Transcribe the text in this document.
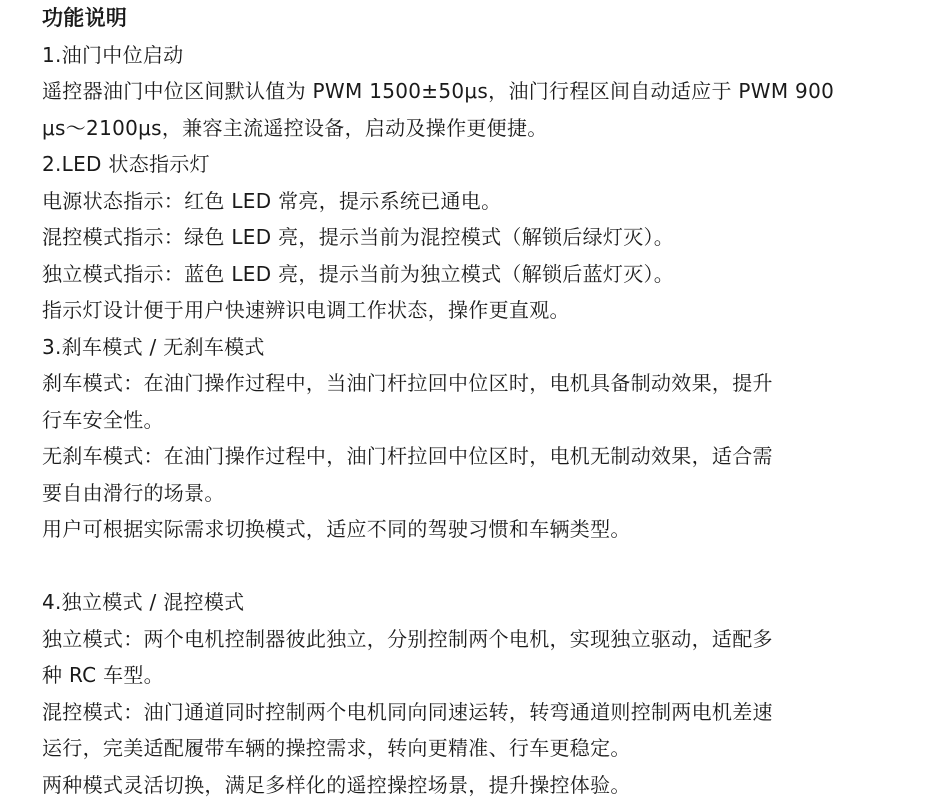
功能说明
1.油门中位启动
遥控器油门中位区间默认值为 PWM 1500±50μs，油门行程区间自动适应于 PWM 900
μs～2100μs，兼容主流遥控设备，启动及操作更便捷。
2.LED 状态指示灯
电源状态指示：红色 LED 常亮，提示系统已通电。
混控模式指示：绿色 LED 亮，提示当前为混控模式（解锁后绿灯灭）。
独立模式指示：蓝色 LED 亮，提示当前为独立模式（解锁后蓝灯灭）。
指示灯设计便于用户快速辨识电调工作状态，操作更直观。
3.刹车模式 / 无刹车模式
刹车模式：在油门操作过程中，当油门杆拉回中位区时，电机具备制动效果，提升
行车安全性。
无刹车模式：在油门操作过程中，油门杆拉回中位区时，电机无制动效果，适合需
要自由滑行的场景。
用户可根据实际需求切换模式，适应不同的驾驶习惯和车辆类型。
4.独立模式 / 混控模式
独立模式：两个电机控制器彼此独立，分别控制两个电机，实现独立驱动，适配多
种 RC 车型。
混控模式：油门通道同时控制两个电机同向同速运转，转弯通道则控制两电机差速
运行，完美适配履带车辆的操控需求，转向更精准、行车更稳定。
两种模式灵活切换，满足多样化的遥控操控场景，提升操控体验。
